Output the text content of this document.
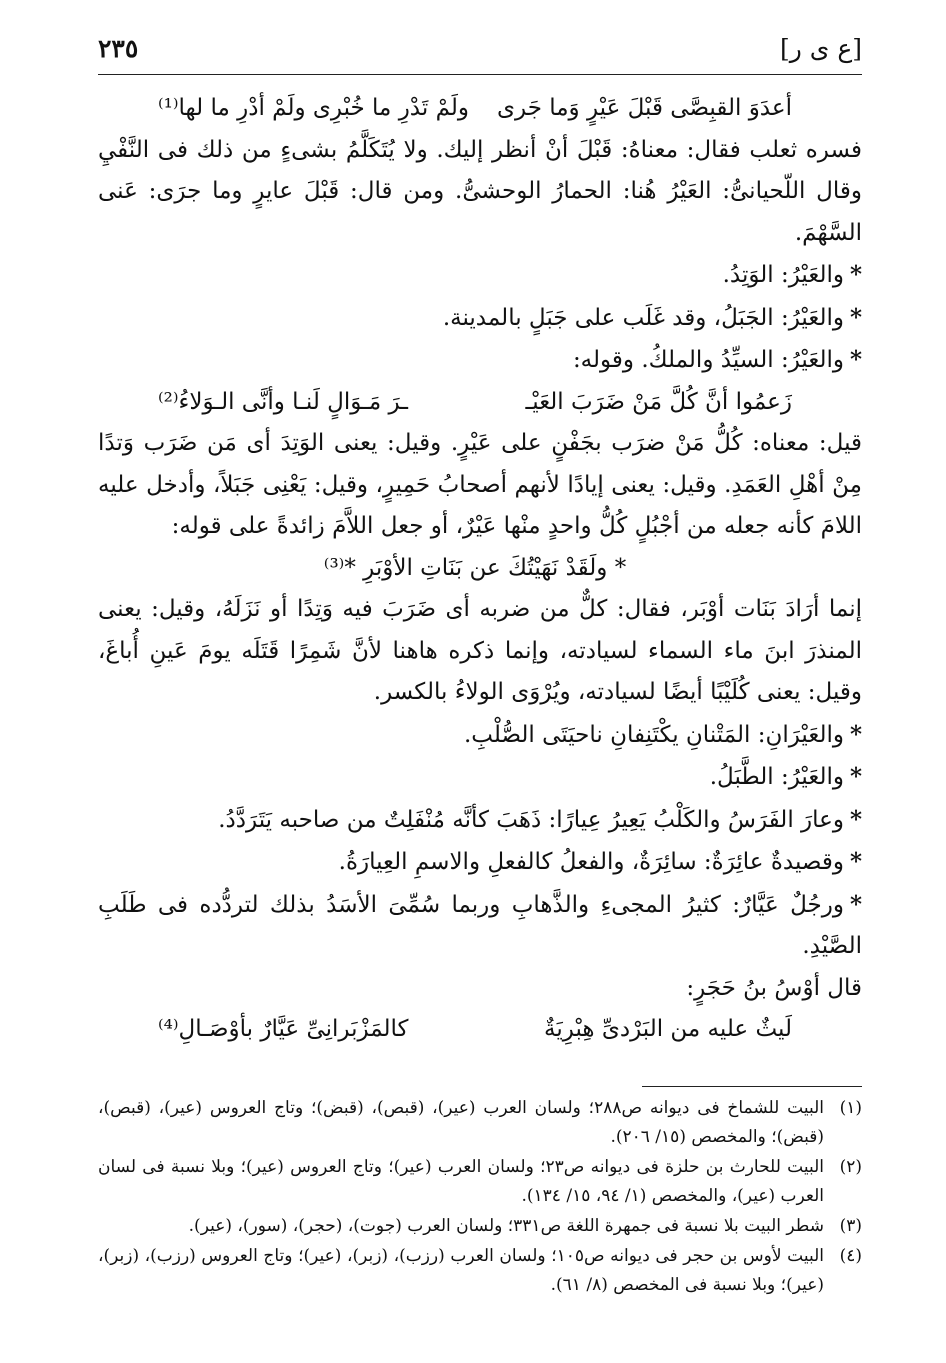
٢٣٥	[ع ى ر]
أعدَوَ القبِصَّى قَبْلَ عَيْرٍ وَما جَرى
ولَمْ تَدْرِ ما خُبْرِى ولَمْ أدْرِ ما لها⁽¹⁾

فسره ثعلب فقال: معناهُ: قَبْلَ أنْ أنظر إليك. ولا يُتَكَلَّمُ بشىءٍ من ذلك فى النَّفْيِ وقال اللّحيانىُّ: العَيْرُ هُنا: الحمارُ الوحشىُّ. ومن قال: قَبْلَ عايرٍ وما جرَى: عَنى السَّهْمَ.

*والعَيْرُ: الوَتِدُ.

*والعَيْرُ: الجَبَلُ، وقد غَلَب على جَبَلٍ بالمدينة.

*والعَيْرُ: السيِّدُ والملكُ. وقوله:

زَعمُوا أنَّ كُلَّ مَنْ ضَرَبَ العَيْـ
ـرَ مَـوَالٍ لَنـا وأنَّى الـوَلاءُ⁽²⁾

قيل: معناه: كُلُّ مَنْ ضرَب بجَفْنٍ على عَيْرٍ. وقيل: يعنى الوَتِدَ أى مَن ضَرَب وَتدًا مِنْ أهْلِ العَمَدِ. وقيل: يعنى إيادًا لأنهم أصحابُ حَمِيرٍ، وقيل: يَعْنِى جَبَلاً، وأدخل عليه اللامَ كأنه جعله من أجْبُلٍ كُلُّ واحدٍ منْها عَيْرٌ، أو جعل اللاَّمَ زائدةً على قوله:

* ولَقَدْ نَهَيْتُكَ عن بَنَاتِ الأوْبَرِ *⁽³⁾

إنما أرَادَ بَنَات أوْبَر، فقال: كلٌّ من ضربه أى ضَرَبَ فيه وَتِدًا أو نَزَلَهُ، وقيل: يعنى المنذرَ ابنَ ماء السماء لسيادته، وإنما ذكره هاهنا لأنَّ شَمِرًا قَتَلَه يومَ عَينِ أُباغَ، وقيل: يعنى كُلَيْبًا أيضًا لسيادته، ويُرْوَى الولاءُ بالكسر.

*والعَيْرَانِ: المَتْنانِ يكْتَنِفانِ ناحيَتَى الصُّلْبِ.

*والعَيْرُ: الطَّبَلُ.

*وعارَ الفَرَسُ والكَلْبُ يَعِيرُ عِيارًا: ذَهَبَ كأنَّه مُنْفَلِتٌ من صاحبه يَتَرَدَّدُ.

*وقصيدةٌ عائِرَةٌ: سائِرَةٌ، والفعلُ كالفعلِ والاسمِ العِيارَةُ.

*ورجُلٌ عَيَّارٌ: كثيرُ المجىءِ والذَّهابِ وربما سُمِّىَ الأسَدُ بذلك لتردُّده فى طَلَبِ الصَّيْدِ.

قال أوْسُ بنُ حَجَرٍ:

لَيثٌ عليه من البَرْدىِّ هِبْرِيَةٌ
كالمَزْبَرانِىِّ عَيَّارٌ بأوْصَـالِ⁽⁴⁾
(١)
البيت للشماخ فى ديوانه ص٢٨٨؛ ولسان العرب (عير)، (قبص)، (قبض)؛ وتاج العروس (عير)، (قبص)، (قبض)؛ والمخصص (١٥/ ٢٠٦).
(٢)
البيت للحارث بن حلزة فى ديوانه ص٢٣؛ ولسان العرب (عير)؛ وتاج العروس (عير)؛ وبلا نسبة فى لسان العرب (عير)، والمخصص (١/ ٩٤، ١٥/ ١٣٤).
(٣)
شطر البيت بلا نسبة فى جمهرة اللغة ص٣٣١؛ ولسان العرب (جوت)، (حجر)، (سور)، (عير).
(٤)
البيت لأوس بن حجر فى ديوانه ص١٠٥؛ ولسان العرب (رزب)، (زبر)، (عير)؛ وتاج العروس (رزب)، (زبر)، (عير)؛ وبلا نسبة فى المخصص (٨/ ٦١).
